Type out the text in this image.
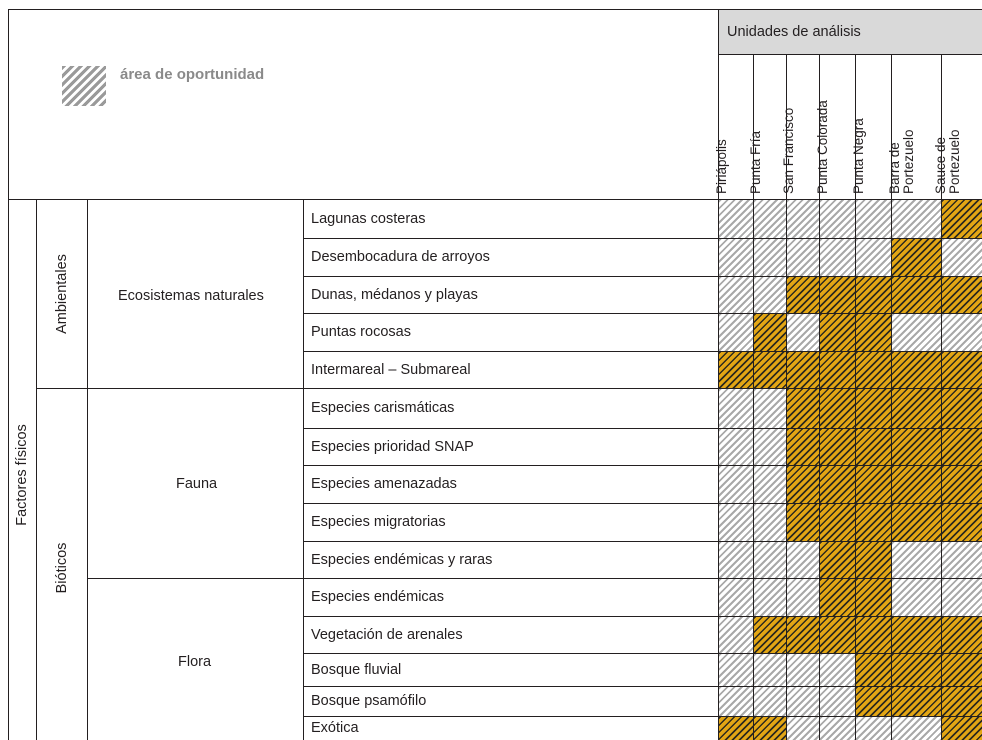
área de oportunidad
Unidades de análisis
Factores físicos
Ambientales
Bióticos
Ecosistemas naturales
Fauna
Flora
Lagunas costeras
Desembocadura de arroyos
Dunas, médanos y playas
Puntas rocosas
Intermareal – Submareal
Especies carismáticas
Especies prioridad SNAP
Especies amenazadas
Especies migratorias
Especies endémicas y raras
Especies endémicas
Vegetación de arenales
Bosque fluvial
Bosque psamófilo
Exótica
Piriápolis Punta Fría San Francisco Punta Colorada Punta Negra Barra de Portezuelo Sauce de Portezuelo
